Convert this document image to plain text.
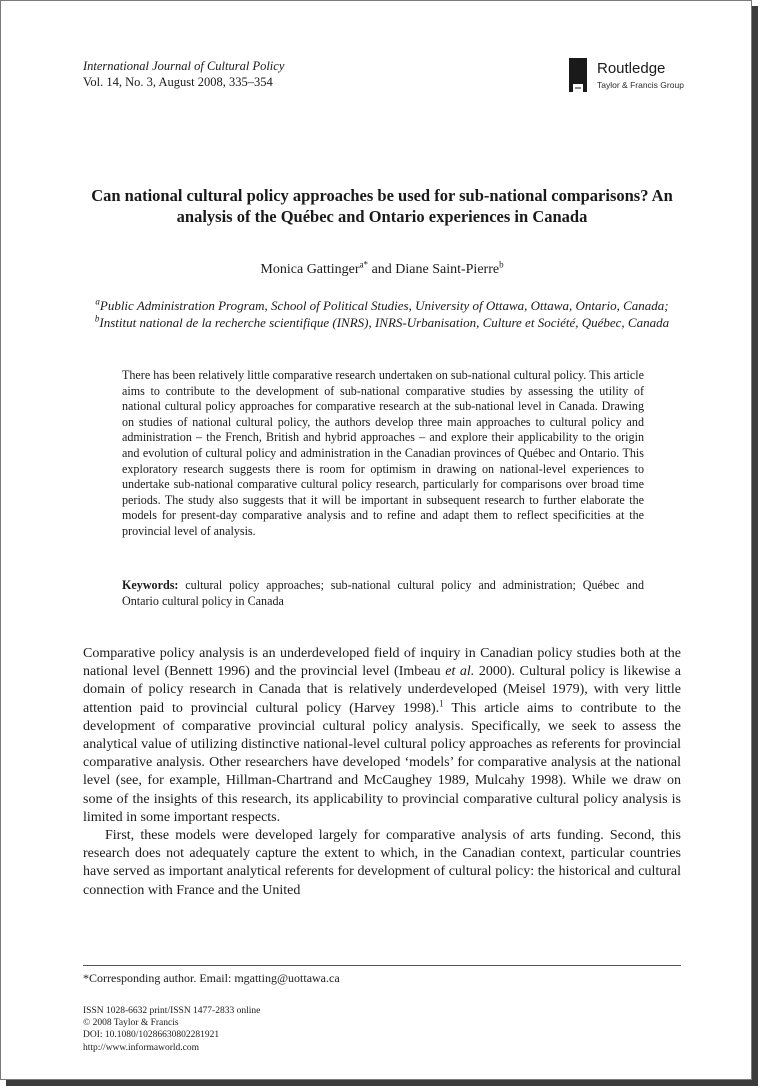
International Journal of Cultural Policy
Vol. 14, No. 3, August 2008, 335–354
Routledge
Taylor & Francis Group
Can national cultural policy approaches be used for sub-national comparisons? An analysis of the Québec and Ontario experiences in Canada
Monica Gattinger$^{a*}$ and Diane Saint-Pierre$^b$
$^a$Public Administration Program, School of Political Studies, University of Ottawa, Ottawa, Ontario, Canada; $^b$Institut national de la recherche scientifique (INRS), INRS-Urbanisation, Culture et Société, Québec, Canada

There has been relatively little comparative research undertaken on sub-national cultural policy. This article aims to contribute to the development of sub-national comparative studies by assessing the utility of national cultural policy approaches for comparative research at the sub-national level in Canada. Drawing on studies of national cultural policy, the authors develop three main approaches to cultural policy and administration – the French, British and hybrid approaches – and explore their applicability to the origin and evolution of cultural policy and administration in the Canadian provinces of Québec and Ontario. This exploratory research suggests there is room for optimism in drawing on national-level experiences to undertake sub-national comparative cultural policy research, particularly for comparisons over broad time periods. The study also suggests that it will be important in subsequent research to further elaborate the models for present-day comparative analysis and to refine and adapt them to reflect specificities at the provincial level of analysis.

Keywords: cultural policy approaches; sub-national cultural policy and administration; Québec and Ontario cultural policy in Canada

Comparative policy analysis is an underdeveloped field of inquiry in Canadian policy studies both at the national level (Bennett 1996) and the provincial level (Imbeau et al. 2000). Cultural policy is likewise a domain of policy research in Canada that is relatively underdeveloped (Meisel 1979), with very little attention paid to provincial cultural policy (Harvey 1998).$^1$ This article aims to contribute to the development of comparative provincial cultural policy analysis. Specifically, we seek to assess the analytical value of utilizing distinctive national-level cultural policy approaches as referents for provincial comparative analysis. Other researchers have developed ‘models’ for comparative analysis at the national level (see, for example, Hillman-Chartrand and McCaughey 1989, Mulcahy 1998). While we draw on some of the insights of this research, its applicability to provincial comparative cultural policy analysis is limited in some important respects.

First, these models were developed largely for comparative analysis of arts funding. Second, this research does not adequately capture the extent to which, in the Canadian context, particular countries have served as important analytical referents for development of cultural policy: the historical and cultural connection with France and the United

*Corresponding author. Email: mgatting@uottawa.ca
ISSN 1028-6632 print/ISSN 1477-2833 online
© 2008 Taylor & Francis
DOI: 10.1080/10286630802281921
http://www.informaworld.com
